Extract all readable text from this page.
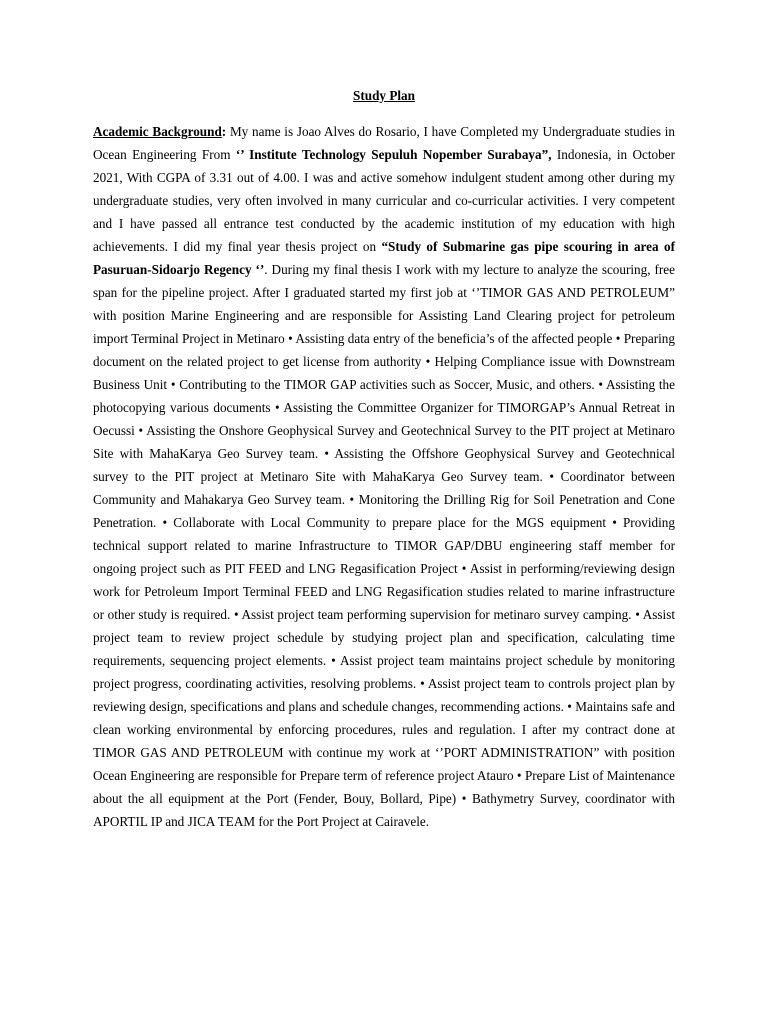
Study Plan

Academic Background: My name is Joao Alves do Rosario, I have Completed my Undergraduate studies in Ocean Engineering From ‘’ Institute Technology Sepuluh Nopember Surabaya”, Indonesia, in October 2021, With CGPA of 3.31 out of 4.00. I was and active somehow indulgent student among other during my undergraduate studies, very often involved in many curricular and co-curricular activities. I very competent and I have passed all entrance test conducted by the academic institution of my education with high achievements. I did my final year thesis project on “Study of Submarine gas pipe scouring in area of Pasuruan-Sidoarjo Regency ‘’. During my final thesis I work with my lecture to analyze the scouring, free span for the pipeline project. After I graduated started my first job at ‘’TIMOR GAS AND PETROLEUM” with position Marine Engineering and are responsible for Assisting Land Clearing project for petroleum import Terminal Project in Metinaro • Assisting data entry of the beneficia’s of the affected people • Preparing document on the related project to get license from authority • Helping Compliance issue with Downstream Business Unit • Contributing to the TIMOR GAP activities such as Soccer, Music, and others. • Assisting the photocopying various documents • Assisting the Committee Organizer for TIMORGAP’s Annual Retreat in Oecussi • Assisting the Onshore Geophysical Survey and Geotechnical Survey to the PIT project at Metinaro Site with MahaKarya Geo Survey team. • Assisting the Offshore Geophysical Survey and Geotechnical survey to the PIT project at Metinaro Site with MahaKarya Geo Survey team. • Coordinator between Community and Mahakarya Geo Survey team. • Monitoring the Drilling Rig for Soil Penetration and Cone Penetration. • Collaborate with Local Community to prepare place for the MGS equipment • Providing technical support related to marine Infrastructure to TIMOR GAP/DBU engineering staff member for ongoing project such as PIT FEED and LNG Regasification Project • Assist in performing/reviewing design work for Petroleum Import Terminal FEED and LNG Regasification studies related to marine infrastructure or other study is required. • Assist project team performing supervision for metinaro survey camping. • Assist project team to review project schedule by studying project plan and specification, calculating time requirements, sequencing project elements. • Assist project team maintains project schedule by monitoring project progress, coordinating activities, resolving problems. • Assist project team to controls project plan by reviewing design, specifications and plans and schedule changes, recommending actions. • Maintains safe and clean working environmental by enforcing procedures, rules and regulation. I after my contract done at TIMOR GAS AND PETROLEUM with continue my work at ‘’PORT ADMINISTRATION” with position Ocean Engineering are responsible for Prepare term of reference project Atauro • Prepare List of Maintenance about the all equipment at the Port (Fender, Bouy, Bollard, Pipe) • Bathymetry Survey, coordinator with APORTIL IP and JICA TEAM for the Port Project at Cairavele.
